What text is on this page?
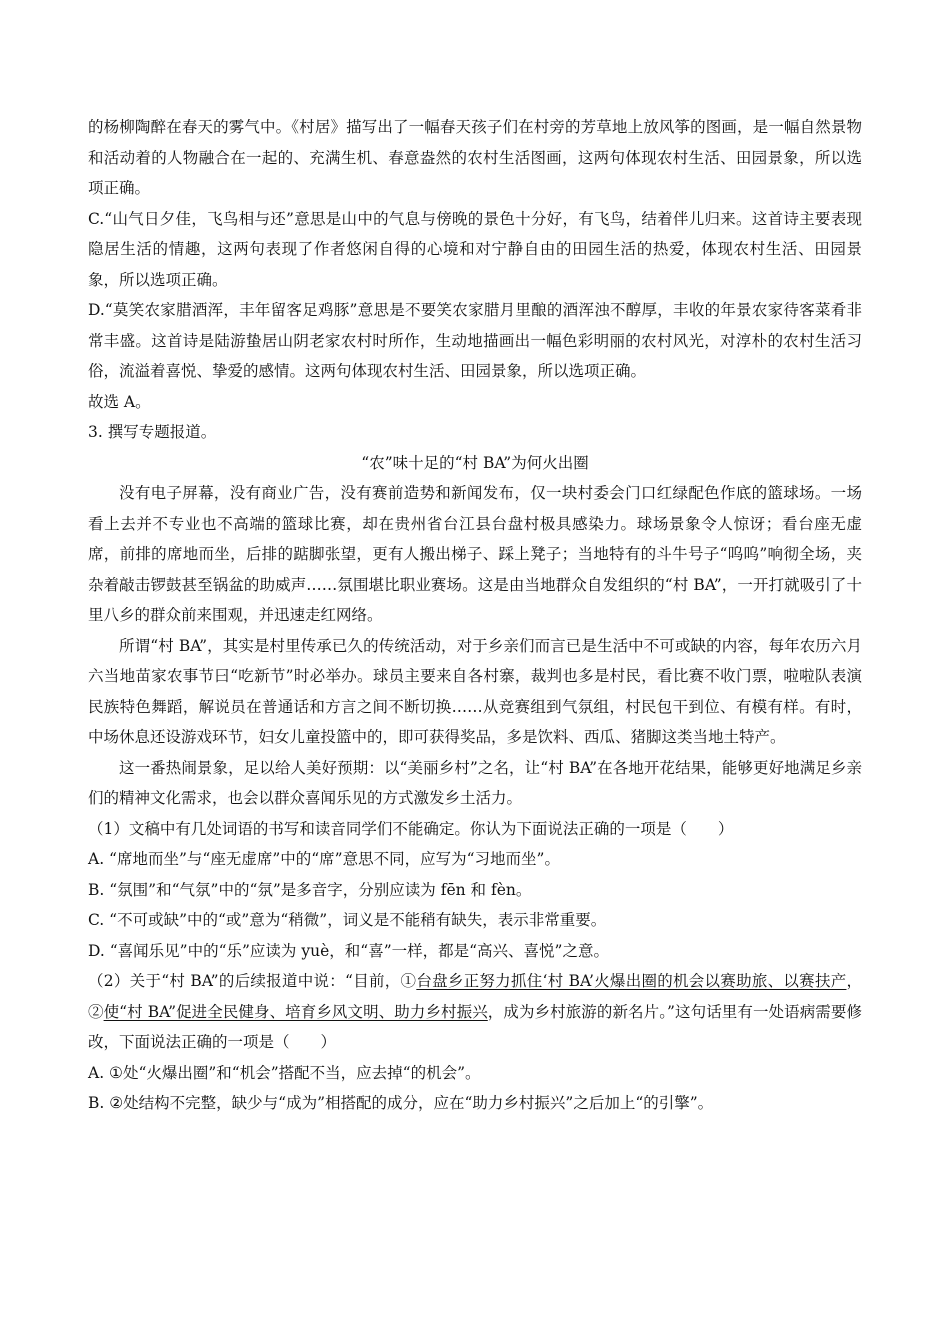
的杨柳陶醉在春天的雾气中。《村居》描写出了一幅春天孩子们在村旁的芳草地上放风筝的图画，是一幅自然景物和活动着的人物融合在一起的、充满生机、春意盎然的农村生活图画，这两句体现农村生活、田园景象，所以选项正确。

C.“山气日夕佳，飞鸟相与还”意思是山中的气息与傍晚的景色十分好，有飞鸟，结着伴儿归来。这首诗主要表现隐居生活的情趣，这两句表现了作者悠闲自得的心境和对宁静自由的田园生活的热爱，体现农村生活、田园景象，所以选项正确。

D.“莫笑农家腊酒浑，丰年留客足鸡豚”意思是不要笑农家腊月里酿的酒浑浊不醇厚，丰收的年景农家待客菜肴非常丰盛。这首诗是陆游蛰居山阴老家农村时所作，生动地描画出一幅色彩明丽的农村风光，对淳朴的农村生活习俗，流溢着喜悦、挚爱的感情。这两句体现农村生活、田园景象，所以选项正确。

故选 A。

3. 撰写专题报道。

“农”味十足的“村 BA”为何火出圈

没有电子屏幕，没有商业广告，没有赛前造势和新闻发布，仅一块村委会门口红绿配色作底的篮球场。一场看上去并不专业也不高端的篮球比赛，却在贵州省台江县台盘村极具感染力。球场景象令人惊讶；看台座无虚席，前排的席地而坐，后排的踮脚张望，更有人搬出梯子、踩上凳子；当地特有的斗牛号子“呜呜”响彻全场，夹杂着敲击锣鼓甚至锅盆的助威声……氛围堪比职业赛场。这是由当地群众自发组织的“村 BA”，一开打就吸引了十里八乡的群众前来围观，并迅速走红网络。

所谓“村 BA”，其实是村里传承已久的传统活动，对于乡亲们而言已是生活中不可或缺的内容，每年农历六月六当地苗家农事节曰“吃新节”时必举办。球员主要来自各村寨，裁判也多是村民，看比赛不收门票，啦啦队表演民族特色舞蹈，解说员在普通话和方言之间不断切换……从竞赛组到气氛组，村民包干到位、有模有样。有时，中场休息还设游戏环节，妇女儿童投篮中的，即可获得奖品，多是饮料、西瓜、猪脚这类当地土特产。

这一番热闹景象，足以给人美好预期：以“美丽乡村”之名，让“村 BA”在各地开花结果，能够更好地满足乡亲们的精神文化需求，也会以群众喜闻乐见的方式激发乡土活力。

（1）文稿中有几处词语的书写和读音同学们不能确定。你认为下面说法正确的一项是（　　）

A. “席地而坐”与“座无虚席”中的“席”意思不同，应写为“习地而坐”。

B. “氛围”和“气氛”中的“氛”是多音字，分别应读为 fēn 和 fèn。

C. “不可或缺”中的“或”意为“稍微”，词义是不能稍有缺失，表示非常重要。

D. “喜闻乐见”中的“乐”应读为 yuè，和“喜”一样，都是“高兴、喜悦”之意。

（2）关于“村 BA”的后续报道中说：“目前，①台盘乡正努力抓住‘村 BA’火爆出圈的机会以赛助旅、以赛扶产，②使“村 BA”促进全民健身、培育乡风文明、助力乡村振兴，成为乡村旅游的新名片。”这句话里有一处语病需要修改，下面说法正确的一项是（　　）

A. ①处“火爆出圈”和“机会”搭配不当，应去掉“的机会”。

B. ②处结构不完整，缺少与“成为”相搭配的成分，应在“助力乡村振兴”之后加上“的引擎”。
